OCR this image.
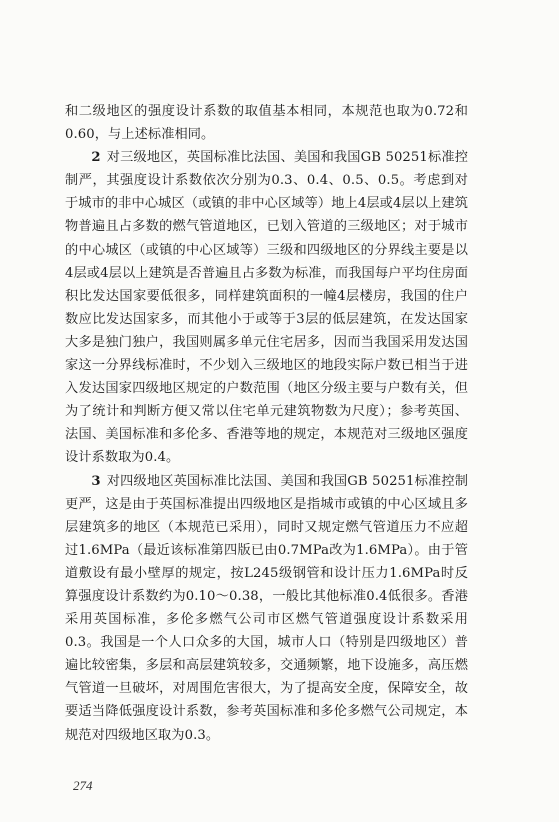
和二级地区的强度设计系数的取值基本相同，本规范也取为0.72和0.60，与上述标准相同。

2 对三级地区，英国标准比法国、美国和我国GB 50251标准控制严，其强度设计系数依次分别为0.3、0.4、0.5、0.5。考虑到对于城市的非中心城区（或镇的非中心区域等）地上4层或4层以上建筑物普遍且占多数的燃气管道地区，已划入管道的三级地区；对于城市的中心城区（或镇的中心区域等）三级和四级地区的分界线主要是以4层或4层以上建筑是否普遍且占多数为标准，而我国每户平均住房面积比发达国家要低很多，同样建筑面积的一幢4层楼房，我国的住户数应比发达国家多，而其他小于或等于3层的低层建筑，在发达国家大多是独门独户，我国则属多单元住宅居多，因而当我国采用发达国家这一分界线标准时，不少划入三级地区的地段实际户数已相当于进入发达国家四级地区规定的户数范围（地区分级主要与户数有关，但为了统计和判断方便又常以住宅单元建筑物数为尺度）；参考英国、法国、美国标准和多伦多、香港等地的规定，本规范对三级地区强度设计系数取为0.4。

3 对四级地区英国标准比法国、美国和我国GB 50251标准控制更严，这是由于英国标准提出四级地区是指城市或镇的中心区域且多层建筑多的地区（本规范已采用），同时又规定燃气管道压力不应超过1.6MPa（最近该标准第四版已由0.7MPa改为1.6MPa）。由于管道敷设有最小壁厚的规定，按L245级钢管和设计压力1.6MPa时反算强度设计系数约为0.10～0.38，一般比其他标准0.4低很多。香港采用英国标准，多伦多燃气公司市区燃气管道强度设计系数采用0.3。我国是一个人口众多的大国，城市人口（特别是四级地区）普遍比较密集，多层和高层建筑较多，交通频繁，地下设施多，高压燃气管道一旦破坏，对周围危害很大，为了提高安全度，保障安全，故要适当降低强度设计系数，参考英国标准和多伦多燃气公司规定，本规范对四级地区取为0.3。

274
